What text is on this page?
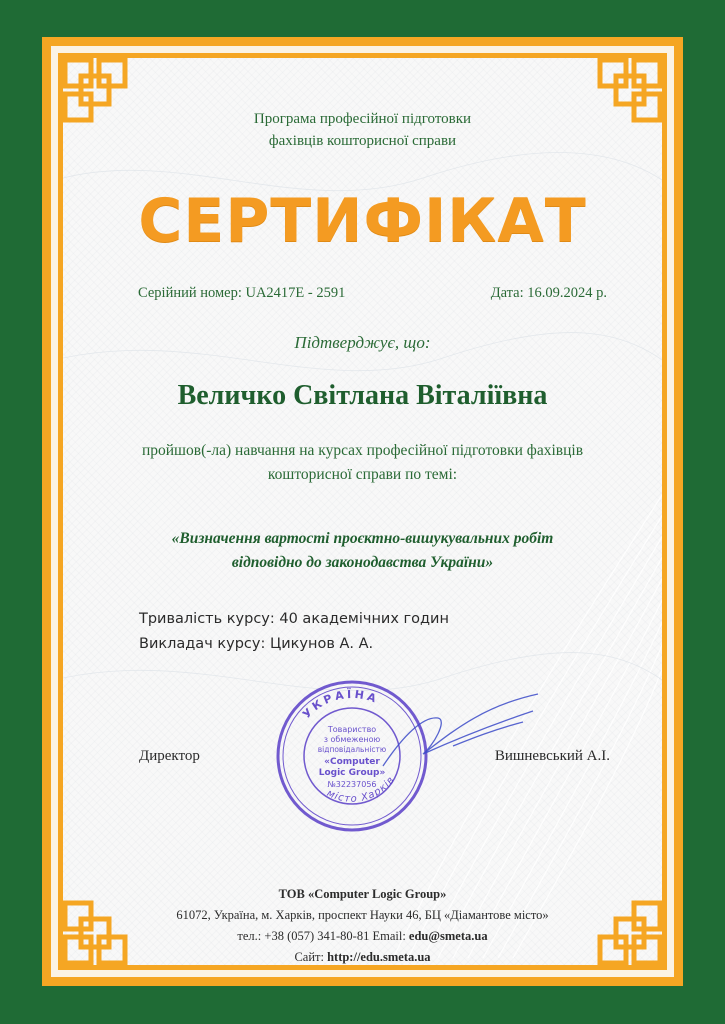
Програма професійної підготовки
фахівців кошторисної справи
СЕРТИФІКАТ
Серійний номер: UA2417E - 2591	Дата: 16.09.2024 р.
Підтверджує, що:
Величко Світлана Віталіївна
пройшов(-ла) навчання на курсах професійної підготовки фахівців
кошторисної справи по темі:
«Визначення вартості проєктно-вишукувальних робіт
відповідно до законодавства України»
Тривалість курсу: 40 академічних годин
Викладач курсу: Цикунов А. А.
УКРАЇНА
місто Харків
Товариство
з обмеженою
відповідальністю
«Computer
Logic Group»
№32237056
Директор	Вишневський А.І.
ТОВ «Computer Logic Group»
61072, Україна, м. Харків, проспект Науки 46, БЦ «Діамантове місто»
тел.: +38 (057) 341-80-81 Email: edu@smeta.ua
Сайт: http://edu.smeta.ua
